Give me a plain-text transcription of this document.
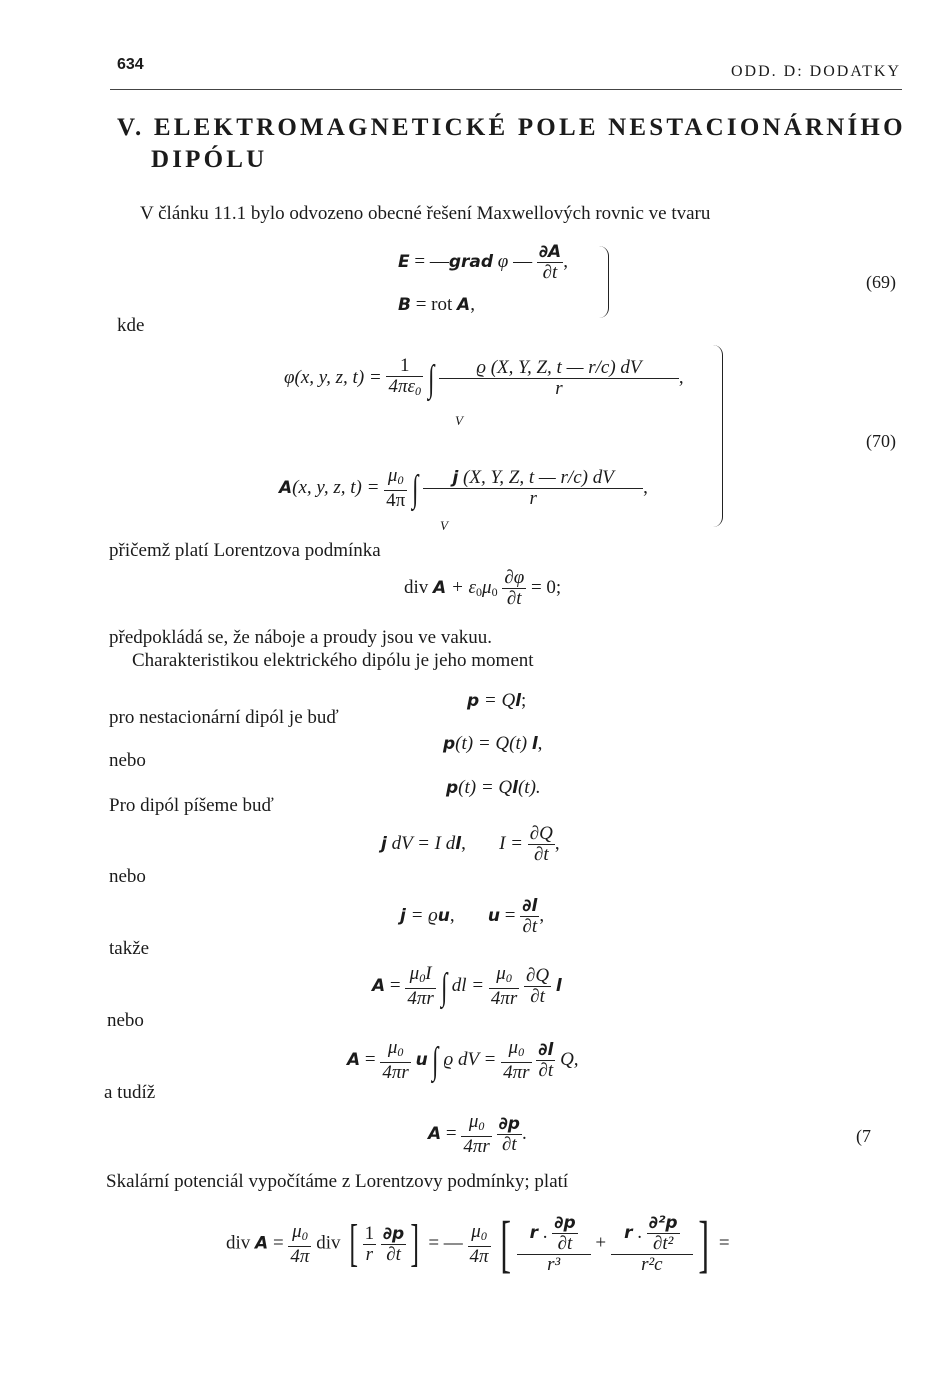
634	ODD. D: DODATKY
V. ELEKTROMAGNETICKÉ POLE NESTACIONÁRNÍHO
DIPÓLU
V článku 11.1 bylo odvozeno obecné řešení Maxwellových rovnic ve tvaru
E = —grad φ — $\frac{\partial A}{\partial t}$ ,
B = rot A,
(69)
kde
φ(x, y, z, $t) = \frac{1}{4\pi\varepsilon_0}$ ∫ $\frac{ϱ (X, Y, Z, t — r/c) dV}{r}$ ,
V
A(x, y, z, $t) = \frac{\mu_0}{4\pi}$ ∫ $\frac{j (X, Y, Z, t — r/c) dV}{r}$ ,
V
(70)
přičemž platí Lorentzova podmínka
div $A + \varepsilon_0\mu_0 \frac{\partial\varphi}{\partial t} = 0$;
předpokládá se, že náboje a proudy jsou ve vakuu.
Charakteristikou elektrického dipólu je jeho moment
p = Ql;
pro nestacionární dipól je buď
p(t) = Q(t) l,
nebo
p(t) = Ql(t).
Pro dipól píšeme buď
j dV = I dl,       $I = \frac{\partial Q}{\partial t}$ ,
nebo
j = ϱu,       $u = \frac{\partial l}{\partial t}$ ,
takže
$A = \frac{\mu_0I}{4\pi r}$ ∫ dl = $\frac{\mu_0}{4\pi r}$
$\frac{\partial Q}{\partial t}$ l
nebo
$A = \frac{\mu_0}{4\pi r}$ u ∫ ϱ dV = $\frac{\mu_0}{4\pi r}$
$\frac{\partial l}{\partial t} Q$,
a tudíž
$A = \frac{\mu_0}{4\pi r}$
$\frac{\partial p}{\partial t}$ .	(7
Skalární potenciál vypočítáme z Lorentzovy podmínky; platí
div $A = \frac{\mu_0}{4\pi}$ div [ $\frac{1}{r}$
$\frac{\partial p}{\partial t}$ ] = — $\frac{\mu_0}{4\pi}$ [ $\frac{r . \frac{\partial p}{\partial t}}{\text{r³}} + \frac{r . \frac{\text{∂²p}}{\text{∂t²}}}{\text{r²c}}$ ] =
